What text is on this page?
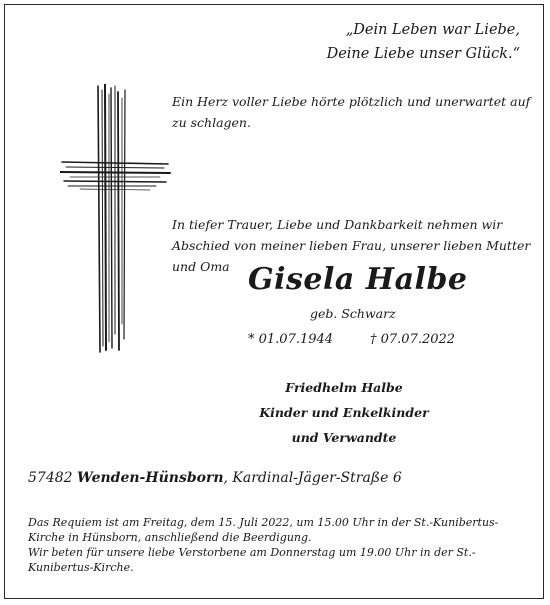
„Dein Leben war Liebe,
Deine Liebe unser Glück.“
Ein Herz voller Liebe hörte plötzlich und unerwartet auf zu schlagen.
In tiefer Trauer, Liebe und Dankbarkeit nehmen wir Abschied von meiner lieben Frau, unserer lieben Mutter und Oma Gisela Halbe
geb. Schwarz
* 01.07.1944	† 07.07.2022
Friedhelm Halbe
Kinder und Enkelkinder
und Verwandte
57482 Wenden-Hünsborn, Kardinal-Jäger-Straße 6
Das Requiem ist am Freitag, dem 15. Juli 2022, um 15.00 Uhr in der St.-Kunibertus-Kirche in Hünsborn, anschließend die Beerdigung.
Wir beten für unsere liebe Verstorbene am Donnerstag um 19.00 Uhr in der St.-Kunibertus-Kirche.
